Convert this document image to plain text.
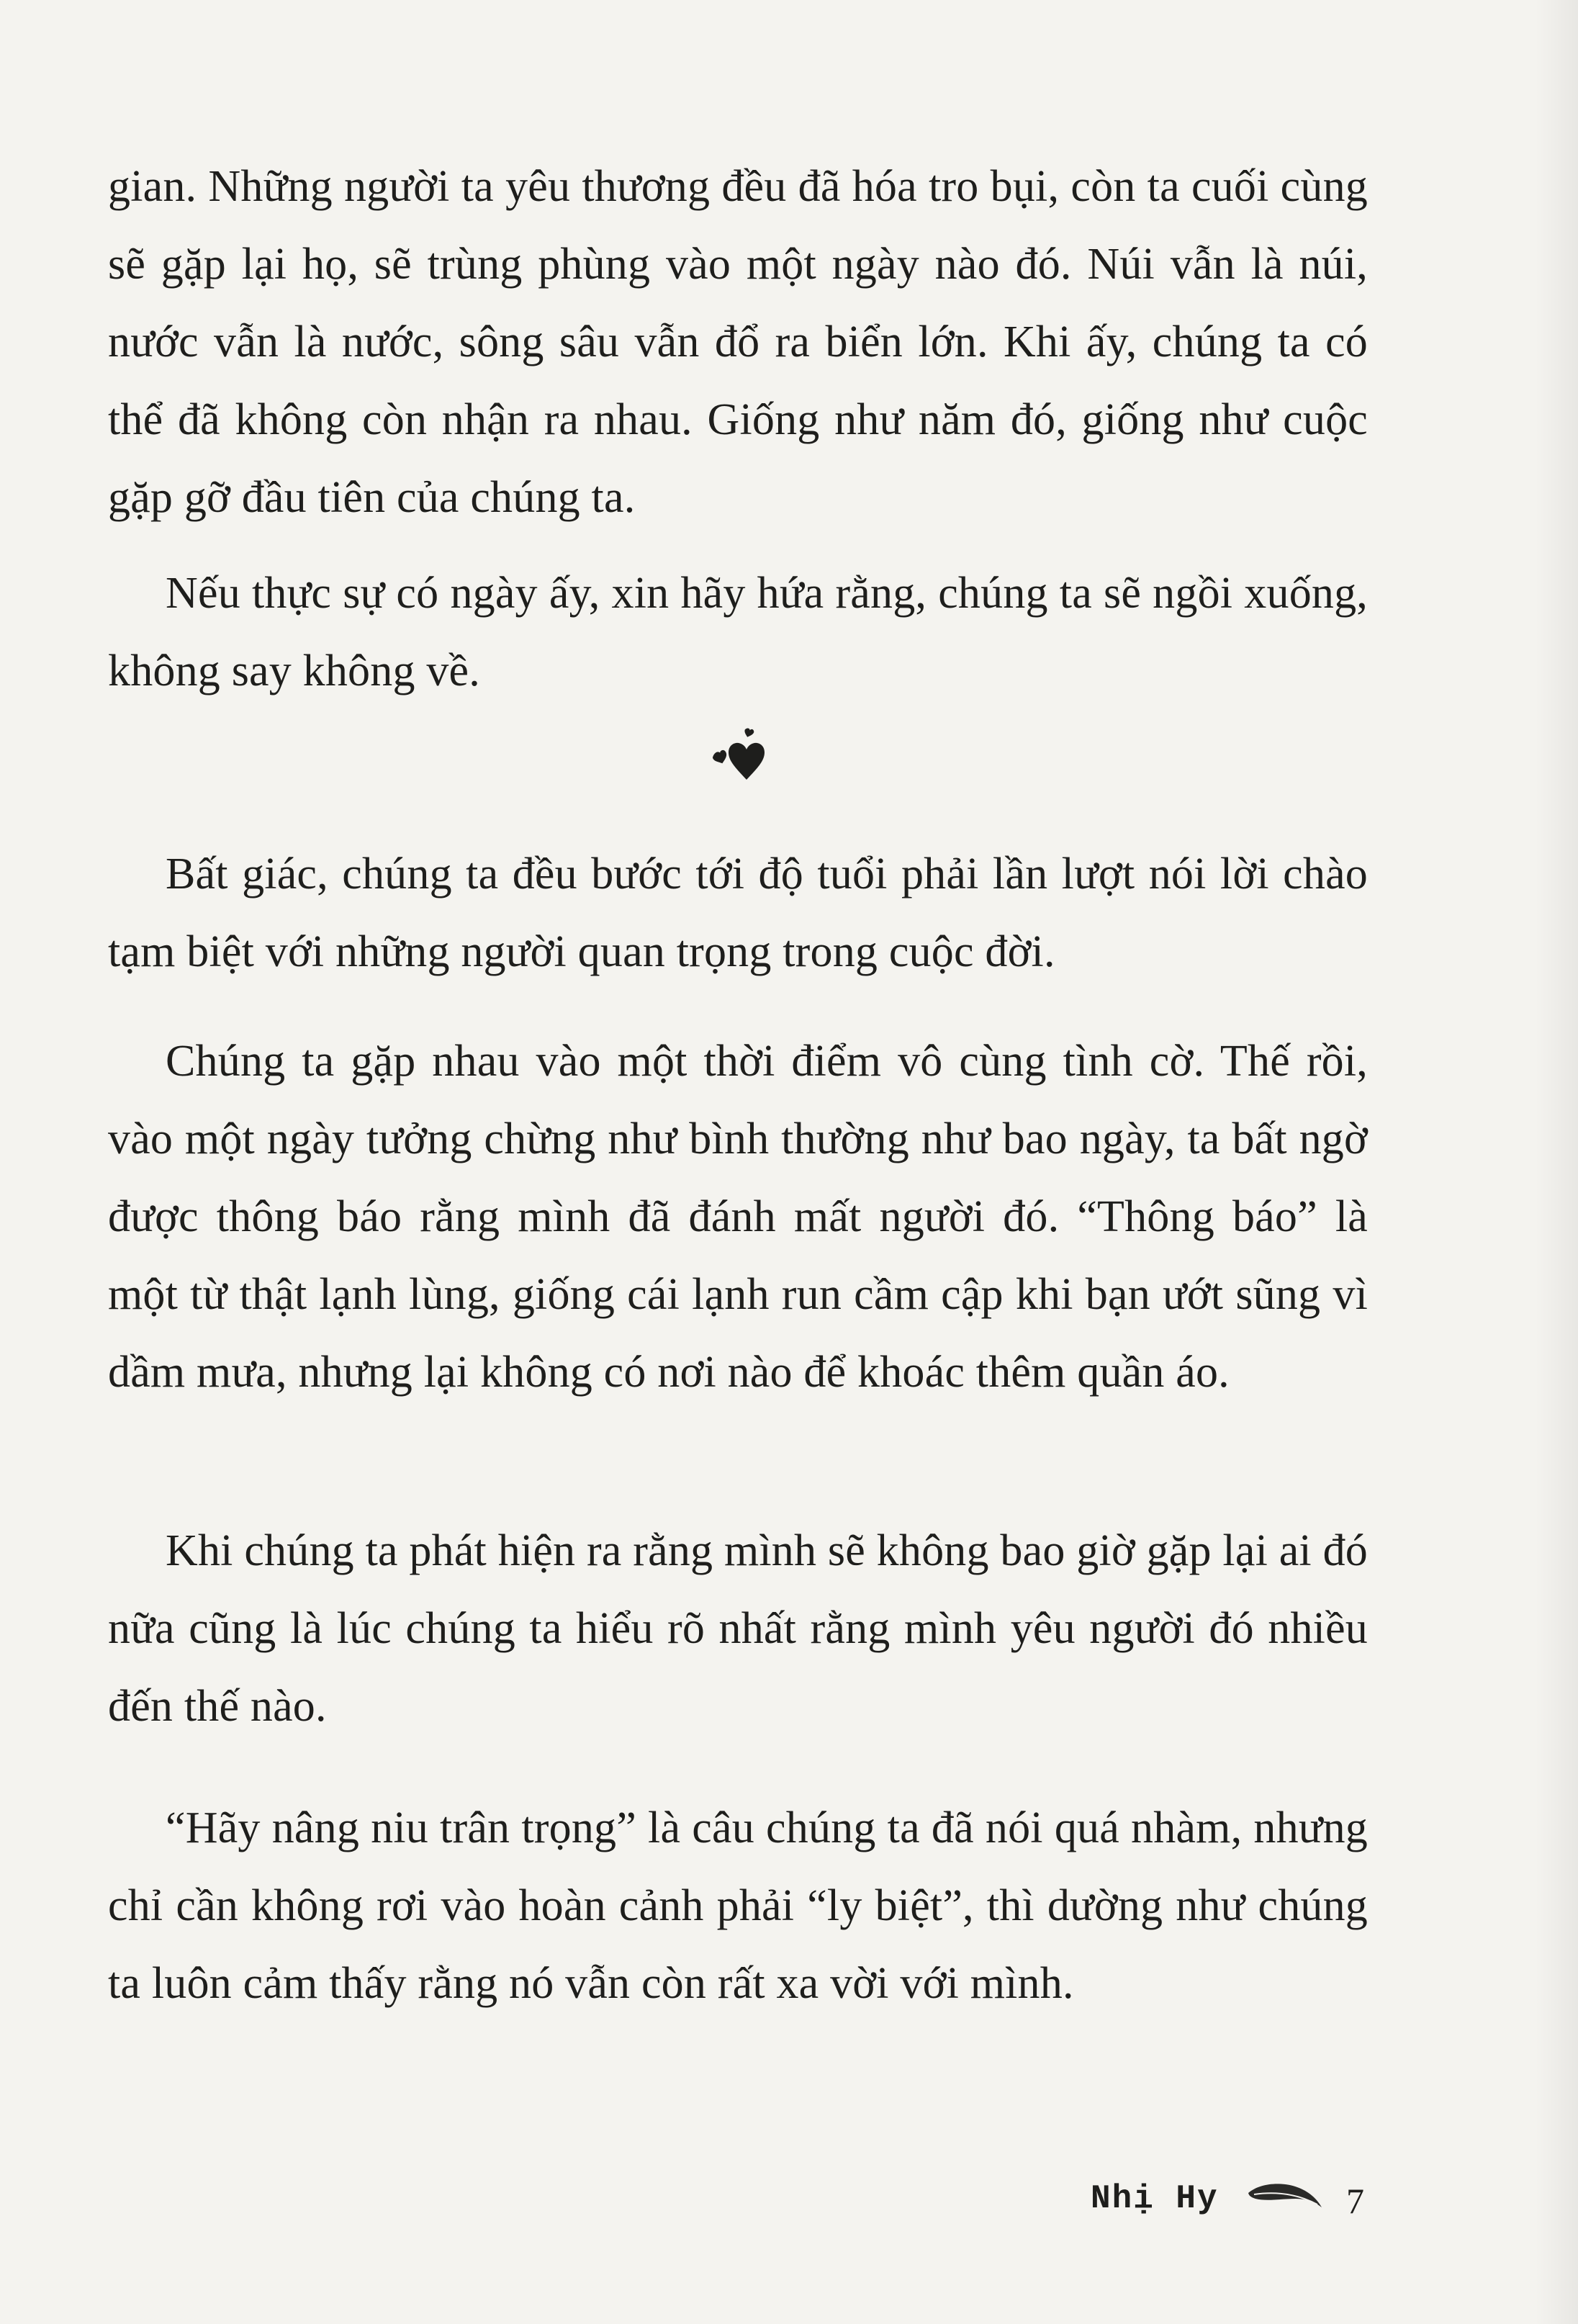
gian. Những người ta yêu thương đều đã hóa tro bụi, còn ta cuối cùng sẽ gặp lại họ, sẽ trùng phùng vào một ngày nào đó. Núi vẫn là núi, nước vẫn là nước, sông sâu vẫn đổ ra biển lớn. Khi ấy, chúng ta có thể đã không còn nhận ra nhau. Giống như năm đó, giống như cuộc gặp gỡ đầu tiên của chúng ta.

Nếu thực sự có ngày ấy, xin hãy hứa rằng, chúng ta sẽ ngồi xuống, không say không về.

Bất giác, chúng ta đều bước tới độ tuổi phải lần lượt nói lời chào tạm biệt với những người quan trọng trong cuộc đời.

Chúng ta gặp nhau vào một thời điểm vô cùng tình cờ. Thế rồi, vào một ngày tưởng chừng như bình thường như bao ngày, ta bất ngờ được thông báo rằng mình đã đánh mất người đó. “Thông báo” là một từ thật lạnh lùng, giống cái lạnh run cầm cập khi bạn ướt sũng vì dầm mưa, nhưng lại không có nơi nào để khoác thêm quần áo.

Khi chúng ta phát hiện ra rằng mình sẽ không bao giờ gặp lại ai đó nữa cũng là lúc chúng ta hiểu rõ nhất rằng mình yêu người đó nhiều đến thế nào.

“Hãy nâng niu trân trọng” là câu chúng ta đã nói quá nhàm, nhưng chỉ cần không rơi vào hoàn cảnh phải “ly biệt”, thì dường như chúng ta luôn cảm thấy rằng nó vẫn còn rất xa vời với mình.

Nhị Hy	7
